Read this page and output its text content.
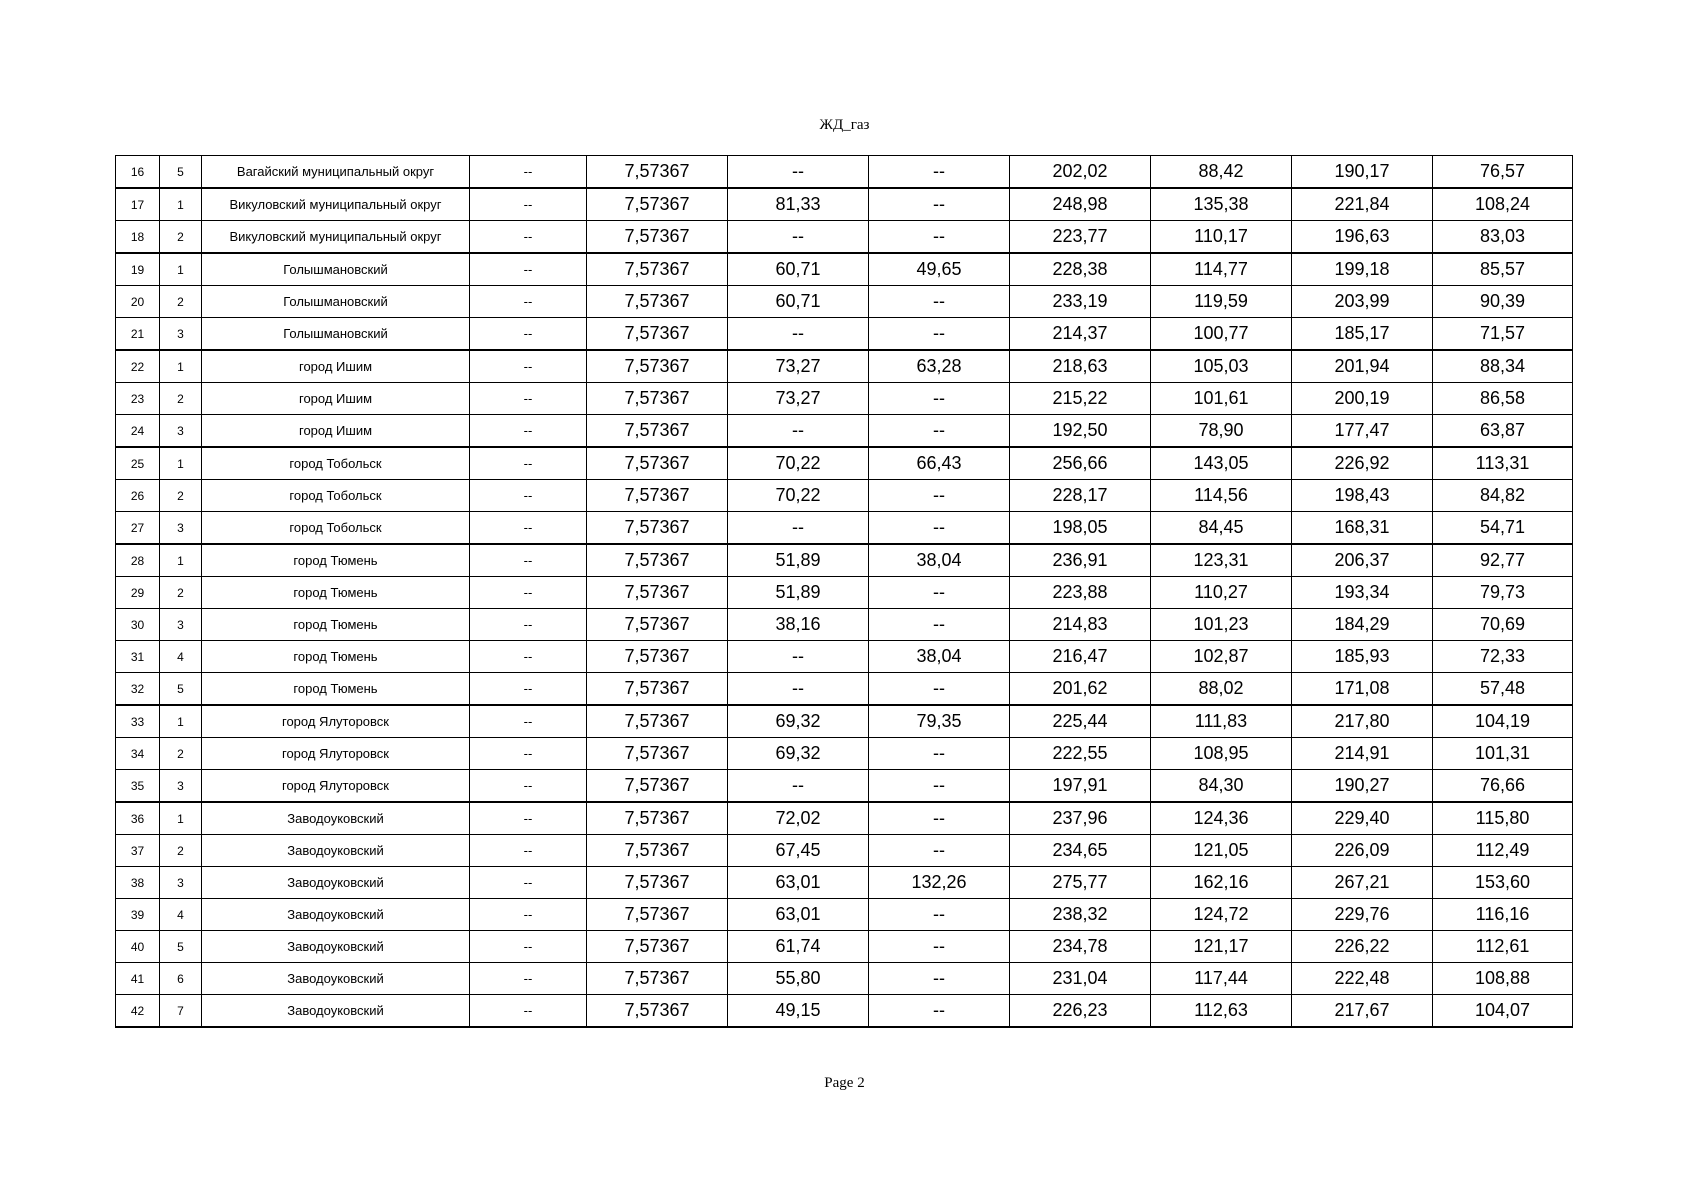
ЖД_газ
16	5	Вагайский муниципальный округ	--	7,57367	--	--	202,02	88,42	190,17	76,57
17	1	Викуловский муниципальный округ	--	7,57367	81,33	--	248,98	135,38	221,84	108,24
18	2	Викуловский муниципальный округ	--	7,57367	--	--	223,77	110,17	196,63	83,03
19	1	Голышмановский	--	7,57367	60,71	49,65	228,38	114,77	199,18	85,57
20	2	Голышмановский	--	7,57367	60,71	--	233,19	119,59	203,99	90,39
21	3	Голышмановский	--	7,57367	--	--	214,37	100,77	185,17	71,57
22	1	город Ишим	--	7,57367	73,27	63,28	218,63	105,03	201,94	88,34
23	2	город Ишим	--	7,57367	73,27	--	215,22	101,61	200,19	86,58
24	3	город Ишим	--	7,57367	--	--	192,50	78,90	177,47	63,87
25	1	город Тобольск	--	7,57367	70,22	66,43	256,66	143,05	226,92	113,31
26	2	город Тобольск	--	7,57367	70,22	--	228,17	114,56	198,43	84,82
27	3	город Тобольск	--	7,57367	--	--	198,05	84,45	168,31	54,71
28	1	город Тюмень	--	7,57367	51,89	38,04	236,91	123,31	206,37	92,77
29	2	город Тюмень	--	7,57367	51,89	--	223,88	110,27	193,34	79,73
30	3	город Тюмень	--	7,57367	38,16	--	214,83	101,23	184,29	70,69
31	4	город Тюмень	--	7,57367	--	38,04	216,47	102,87	185,93	72,33
32	5	город Тюмень	--	7,57367	--	--	201,62	88,02	171,08	57,48
33	1	город Ялуторовск	--	7,57367	69,32	79,35	225,44	111,83	217,80	104,19
34	2	город Ялуторовск	--	7,57367	69,32	--	222,55	108,95	214,91	101,31
35	3	город Ялуторовск	--	7,57367	--	--	197,91	84,30	190,27	76,66
36	1	Заводоуковский	--	7,57367	72,02	--	237,96	124,36	229,40	115,80
37	2	Заводоуковский	--	7,57367	67,45	--	234,65	121,05	226,09	112,49
38	3	Заводоуковский	--	7,57367	63,01	132,26	275,77	162,16	267,21	153,60
39	4	Заводоуковский	--	7,57367	63,01	--	238,32	124,72	229,76	116,16
40	5	Заводоуковский	--	7,57367	61,74	--	234,78	121,17	226,22	112,61
41	6	Заводоуковский	--	7,57367	55,80	--	231,04	117,44	222,48	108,88
42	7	Заводоуковский	--	7,57367	49,15	--	226,23	112,63	217,67	104,07
Page 2
